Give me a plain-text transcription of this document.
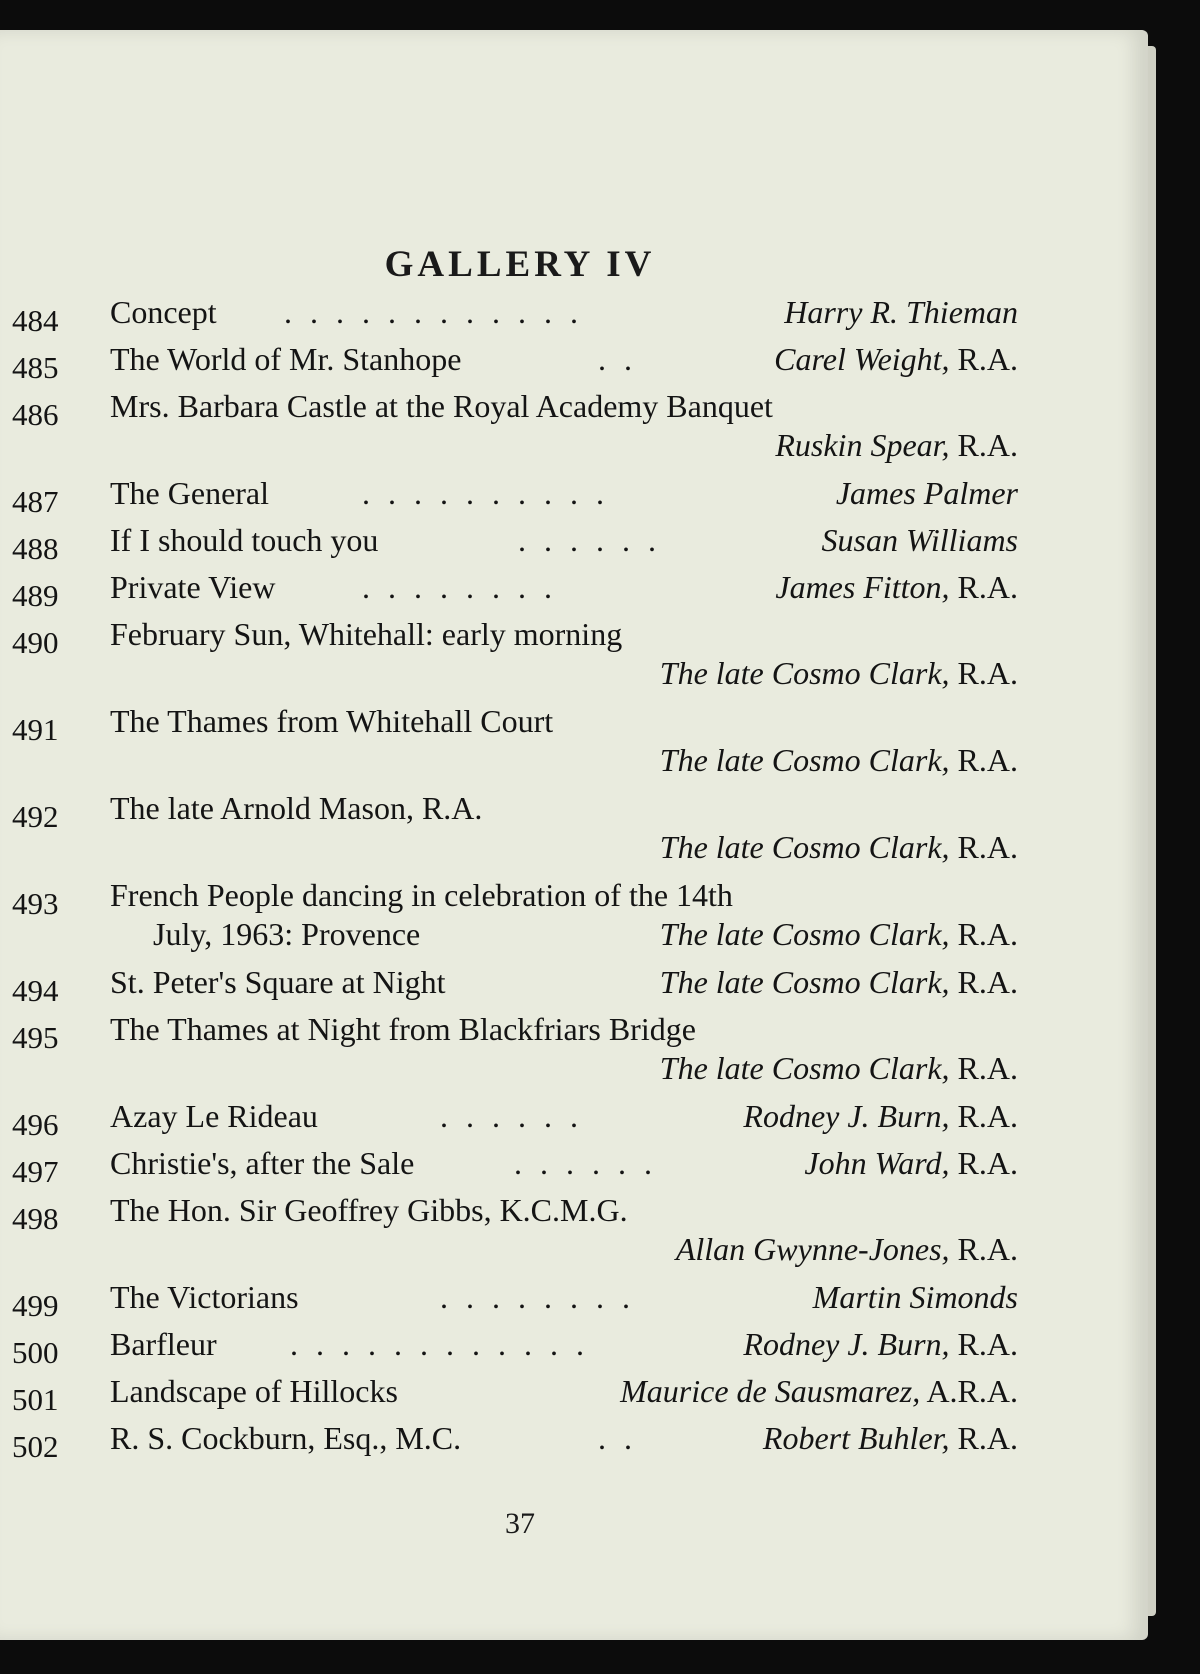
GALLERY IV
484 Concept . . . . . . . . . . . .	Harry R. Thieman
485 The World of Mr. Stanhope	. .	Carel Weight, R.A.
486 Mrs. Barbara Castle at the Royal Academy Banquet
Ruskin Spear, R.A.
487 The General	. . . . . . . . . .	James Palmer
488 If I should touch you	. . . . . .	Susan Williams
489 Private View	. . . . . . . .	James Fitton, R.A.
490 February Sun, Whitehall: early morning
The late Cosmo Clark, R.A.
491 The Thames from Whitehall Court
The late Cosmo Clark, R.A.
492 The late Arnold Mason, R.A.
The late Cosmo Clark, R.A.
493 French People dancing in celebration of the 14th
July, 1963: Provence	The late Cosmo Clark, R.A.
494 St. Peter's Square at Night	The late Cosmo Clark, R.A.
495 The Thames at Night from Blackfriars Bridge
The late Cosmo Clark, R.A.
496 Azay Le Rideau	. . . . . .	Rodney J. Burn, R.A.
497 Christie's, after the Sale	. . . . . .	John Ward, R.A.
498 The Hon. Sir Geoffrey Gibbs, K.C.M.G.
Allan Gwynne-Jones, R.A.
499 The Victorians	. . . . . . . .	Martin Simonds
500 Barfleur . . . . . . . . . . . .	Rodney J. Burn, R.A.
501 Landscape of Hillocks	Maurice de Sausmarez, A.R.A.
502 R. S. Cockburn, Esq., M.C.	. .	Robert Buhler, R.A.
37
